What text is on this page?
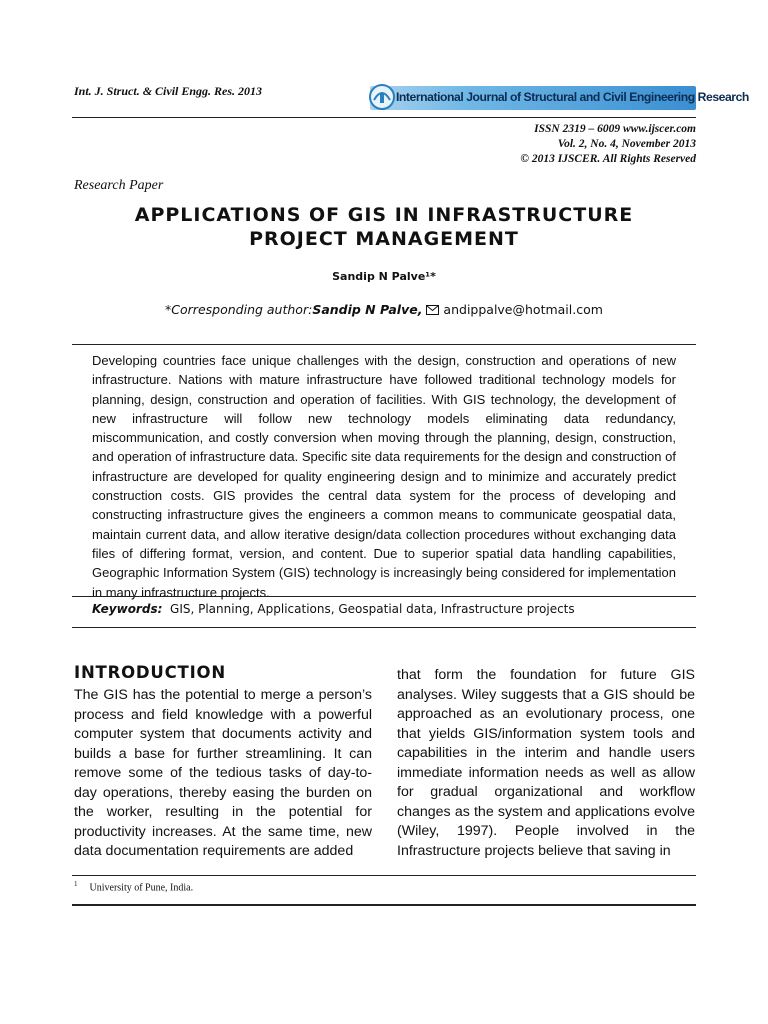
Int. J. Struct. & Civil Engg. Res. 2013	International Journal of Structural and Civil Engineering Research
ISSN 2319 – 6009 www.ijscer.com
Vol. 2, No. 4, November 2013
© 2013 IJSCER. All Rights Reserved
Research Paper
APPLICATIONS OF GIS IN INFRASTRUCTURE
PROJECT MANAGEMENT
Sandip N Palve¹*
*Corresponding author:Sandip N Palve, andippalve@hotmail.com
Developing countries face unique challenges with the design, construction and operations of new infrastructure. Nations with mature infrastructure have followed traditional technology models for planning, design, construction and operation of facilities. With GIS technology, the development of new infrastructure will follow new technology models eliminating data redundancy, miscommunication, and costly conversion when moving through the planning, design, construction, and operation of infrastructure data. Specific site data requirements for the design and construction of infrastructure are developed for quality engineering design and to minimize and accurately predict construction costs. GIS provides the central data system for the process of developing and constructing infrastructure gives the engineers a common means to communicate geospatial data, maintain current data, and allow iterative design/data collection procedures without exchanging data files of differing format, version, and content. Due to superior spatial data handling capabilities, Geographic Information System (GIS) technology is increasingly being considered for implementation in many infrastructure projects.
Keywords: GIS, Planning, Applications, Geospatial data, Infrastructure projects
INTRODUCTION
The GIS has the potential to merge a person’s process and field knowledge with a powerful computer system that documents activity and builds a base for further streamlining. It can remove some of the tedious tasks of day-to-day operations, thereby easing the burden on the worker, resulting in the potential for productivity increases. At the same time, new data documentation requirements are added
that form the foundation for future GIS analyses. Wiley suggests that a GIS should be approached as an evolutionary process, one that yields GIS/information system tools and capabilities in the interim and handle users immediate information needs as well as allow for gradual organizational and workflow changes as the system and applications evolve (Wiley, 1997). People involved in the Infrastructure projects believe that saving in
$^1$ University of Pune, India.
